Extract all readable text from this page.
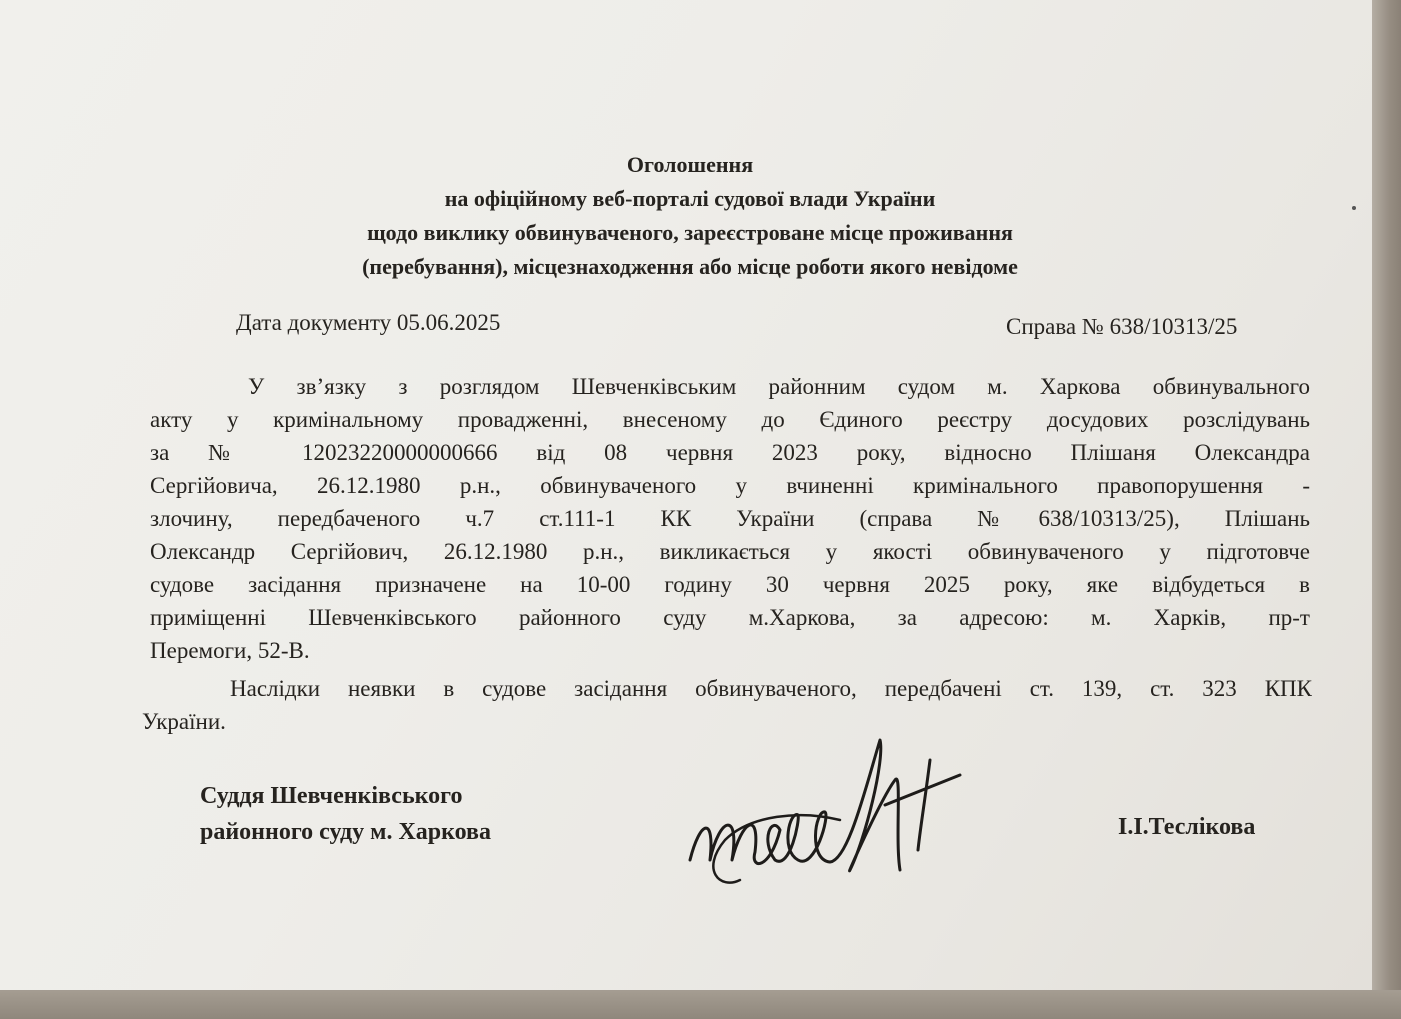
Оголошення
на офіційному веб-порталі судової влади України
щодо виклику обвинуваченого, зареєстроване місце проживання
(перебування), місцезнаходження або місце роботи якого невідоме
Дата документу 05.06.2025	Справа № 638/10313/25
У зв’язку з розглядом Шевченківським районним судом м. Харкова обвинувального
акту у кримінальному провадженні, внесеному до Єдиного реєстру досудових розслідувань
за № 12023220000000666 від 08 червня 2023 року, відносно Плішаня Олександра
Сергійовича, 26.12.1980 р.н., обвинуваченого у вчиненні кримінального правопорушення -
злочину, передбаченого ч.7 ст.111-1 КК України (справа №638/10313/25), Плішань
Олександр Сергійович, 26.12.1980 р.н., викликається у якості обвинуваченого у підготовче
судове засідання призначене на 10-00 годину 30 червня 2025 року, яке відбудеться в
приміщенні Шевченківського районного суду м.Харкова, за адресою: м. Харків, пр-т
Перемоги, 52-В.
Наслідки неявки в судове засідання обвинуваченого, передбачені ст. 139, ст. 323 КПК
України.
Суддя Шевченківського
районного суду м. Харкова	І.І.Теслікова
